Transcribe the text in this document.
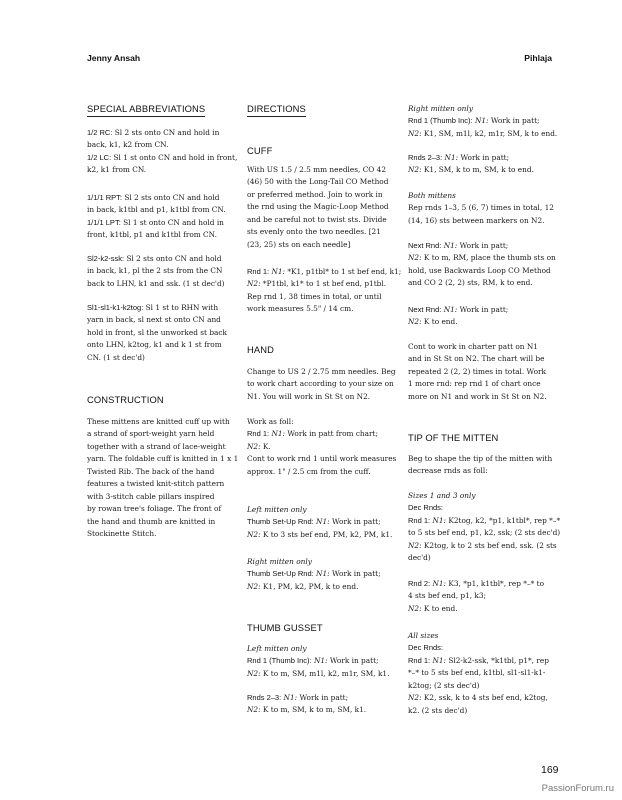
Jenny Ansah	Pihlaja
SPECIAL ABBREVIATIONS
1/2 RC: Sl 2 sts onto CN and hold in
back, k1, k2 from CN.
1/2 LC: Sl 1 st onto CN and hold in front,
k2, k1 from CN.
1/1/1 RPT: Sl 2 sts onto CN and hold
in back, k1tbl and p1, k1tbl from CN.
1/1/1 LPT: Sl 1 st onto CN and hold in
front, k1tbl, p1 and k1tbl from CN.
Sl2-k2-ssk: Sl 2 sts onto CN and hold
in back, k1, pl the 2 sts from the CN
back to LHN, k1 and ssk. (1 st dec'd)
Sl1-sl1-k1-k2tog: Sl 1 st to RHN with
yarn in back, sl next st onto CN and
hold in front, sl the unworked st back
onto LHN, k2tog, k1 and k 1 st from
CN. (1 st dec'd)
CONSTRUCTION
These mittens are knitted cuff up with
a strand of sport-weight yarn held
together with a strand of lace-weight
yarn. The foldable cuff is knitted in 1 x 1
Twisted Rib. The back of the hand
features a twisted knit-stitch pattern
with 3-stitch cable pillars inspired
by rowan tree's foliage. The front of
the hand and thumb are knitted in
Stockinette Stitch.
DIRECTIONS
CUFF
With US 1.5 / 2.5 mm needles, CO 42
(46) 50 with the Long-Tail CO Method
or preferred method. Join to work in
the rnd using the Magic-Loop Method
and be careful not to twist sts. Divide
sts evenly onto the two needles. [21
(23, 25) sts on each needle]
Rnd 1: N1: *K1, p1tbl* to 1 st bef end, k1;
N2: *P1tbl, k1* to 1 st bef end, p1tbl.
Rep rnd 1, 38 times in total, or until
work measures 5.5" / 14 cm.
HAND
Change to US 2 / 2.75 mm needles. Beg
to work chart according to your size on
N1. You will work in St St on N2.
Work as foll:
Rnd 1: N1: Work in patt from chart;
N2: K.
Cont to work rnd 1 until work measures
approx. 1" / 2.5 cm from the cuff.
Left mitten only
Thumb Set-Up Rnd: N1: Work in patt;
N2: K to 3 sts bef end, PM, k2, PM, k1.
Right mitten only
Thumb Set-Up Rnd: N1: Work in patt;
N2: K1, PM, k2, PM, k to end.
THUMB GUSSET
Left mitten only
Rnd 1 (Thumb Inc): N1: Work in patt;
N2: K to m, SM, m1l, k2, m1r, SM, k1.
Rnds 2–3: N1: Work in patt;
N2: K to m, SM, k to m, SM, k1.
Right mitten only
Rnd 1 (Thumb Inc): N1: Work in patt;
N2: K1, SM, m1l, k2, m1r, SM, k to end.
Rnds 2–3: N1: Work in patt;
N2: K1, SM, k to m, SM, k to end.
Both mittens
Rep rnds 1–3, 5 (6, 7) times in total, 12
(14, 16) sts between markers on N2.
Next Rnd: N1: Work in patt;
N2: K to m, RM, place the thumb sts on
hold, use Backwards Loop CO Method
and CO 2 (2, 2) sts, RM, k to end.
Next Rnd: N1: Work in patt;
N2: K to end.
Cont to work in charter patt on N1
and in St St on N2. The chart will be
repeated 2 (2, 2) times in total. Work
1 more rnd: rep rnd 1 of chart once
more on N1 and work in St St on N2.
TIP OF THE MITTEN
Beg to shape the tip of the mitten with
decrease rnds as foll:
Sizes 1 and 3 only
Dec Rnds:
Rnd 1: N1: K2tog, k2, *p1, k1tbl*, rep *–*
to 5 sts bef end, p1, k2, ssk; (2 sts dec'd)
N2: K2tog, k to 2 sts bef end, ssk. (2 sts
dec'd)
Rnd 2: N1: K3, *p1, k1tbl*, rep *–* to
4 sts bef end, p1, k3;
N2: K to end.
All sizes
Dec Rnds:
Rnd 1: N1: Sl2-k2-ssk, *k1tbl, p1*, rep
*–* to 5 sts bef end, k1tbl, sl1-sl1-k1-
k2tog; (2 sts dec'd)
N2: K2, ssk, k to 4 sts bef end, k2tog,
k2. (2 sts dec'd)
169
PassionForum.ru
